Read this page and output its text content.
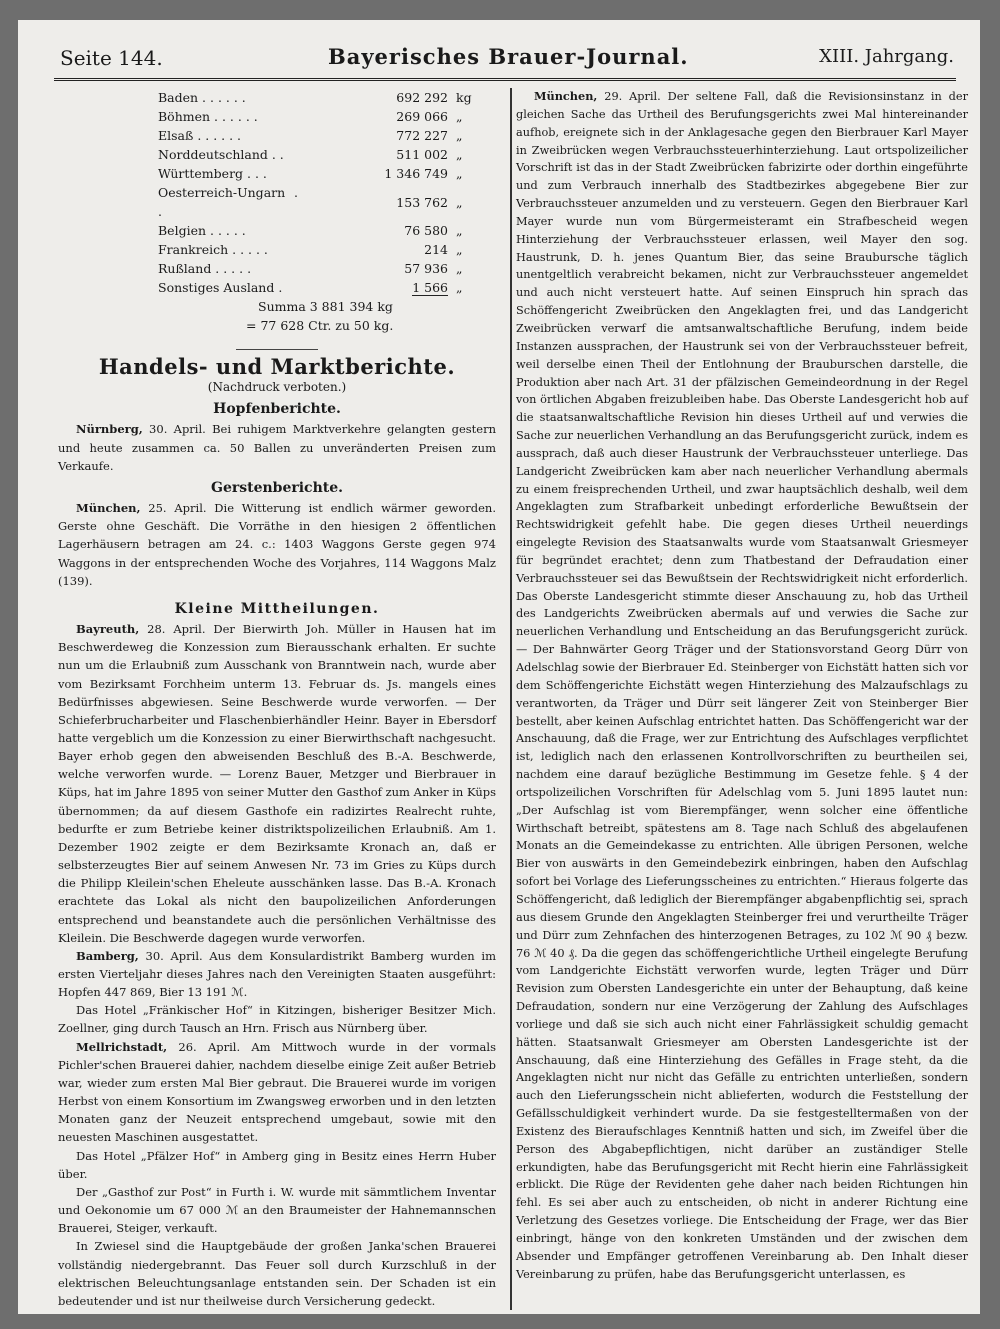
Seite 144.	Bayerisches Brauer-Journal.	XIII. Jahrgang.
Baden . . . . . .	692 292	kg
Böhmen . . . . . .	269 066	„
Elsaß . . . . . .	772 227	„
Norddeutschland . .	511 002	„
Württemberg . . .	1 346 749	„
Oesterreich-Ungarn . .	153 762	„
Belgien . . . . .	76 580	„
Frankreich . . . . .	214	„
Rußland . . . . .	57 936	„
Sonstiges Ausland .	1 566	„
Summa 3 881 394 kg
= 77 628 Ctr. zu 50 kg.
Handels- und Marktberichte.
(Nachdruck verboten.)
Hopfenberichte.

Nürnberg, 30. April. Bei ruhigem Marktverkehre gelangten gestern und heute zusammen ca. 50 Ballen zu unveränderten Preisen zum Verkaufe.

Gerstenberichte.

München, 25. April. Die Witterung ist endlich wärmer geworden. Gerste ohne Geschäft. Die Vorräthe in den hiesigen 2 öffentlichen Lagerhäusern betragen am 24. c.: 1403 Waggons Gerste gegen 974 Waggons in der entsprechenden Woche des Vorjahres, 114 Waggons Malz (139).

Kleine Mittheilungen.

Bayreuth, 28. April. Der Bierwirth Joh. Müller in Hausen hat im Beschwerdeweg die Konzession zum Bierausschank erhalten. Er suchte nun um die Erlaubniß zum Ausschank von Branntwein nach, wurde aber vom Bezirksamt Forchheim unterm 13. Februar ds. Js. mangels eines Bedürfnisses abgewiesen. Seine Beschwerde wurde verworfen. — Der Schieferbrucharbeiter und Flaschenbierhändler Heinr. Bayer in Ebersdorf hatte vergeblich um die Konzession zu einer Bierwirthschaft nachgesucht. Bayer erhob gegen den abweisenden Beschluß des B.-A. Beschwerde, welche verworfen wurde. — Lorenz Bauer, Metzger und Bierbrauer in Küps, hat im Jahre 1895 von seiner Mutter den Gasthof zum Anker in Küps übernommen; da auf diesem Gasthofe ein radizirtes Realrecht ruhte, bedurfte er zum Betriebe keiner distriktspolizeilichen Erlaubniß. Am 1. Dezember 1902 zeigte er dem Bezirksamte Kronach an, daß er selbsterzeugtes Bier auf seinem Anwesen Nr. 73 im Gries zu Küps durch die Philipp Kleilein'schen Eheleute ausschänken lasse. Das B.-A. Kronach erachtete das Lokal als nicht den baupolizeilichen Anforderungen entsprechend und beanstandete auch die persönlichen Verhältnisse des Kleilein. Die Beschwerde dagegen wurde verworfen.

Bamberg, 30. April. Aus dem Konsulardistrikt Bamberg wurden im ersten Vierteljahr dieses Jahres nach den Vereinigten Staaten ausgeführt: Hopfen 447 869, Bier 13 191 ℳ.

Das Hotel „Fränkischer Hof“ in Kitzingen, bisheriger Besitzer Mich. Zoellner, ging durch Tausch an Hrn. Frisch aus Nürnberg über.

Mellrichstadt, 26. April. Am Mittwoch wurde in der vormals Pichler'schen Brauerei dahier, nachdem dieselbe einige Zeit außer Betrieb war, wieder zum ersten Mal Bier gebraut. Die Brauerei wurde im vorigen Herbst von einem Konsortium im Zwangsweg erworben und in den letzten Monaten ganz der Neuzeit entsprechend umgebaut, sowie mit den neuesten Maschinen ausgestattet.

Das Hotel „Pfälzer Hof“ in Amberg ging in Besitz eines Herrn Huber über.

Der „Gasthof zur Post“ in Furth i. W. wurde mit sämmtlichem Inventar und Oekonomie um 67 000 ℳ an den Braumeister der Hahnemannschen Brauerei, Steiger, verkauft.

In Zwiesel sind die Hauptgebäude der großen Janka'schen Brauerei vollständig niedergebrannt. Das Feuer soll durch Kurzschluß in der elektrischen Beleuchtungsanlage entstanden sein. Der Schaden ist ein bedeutender und ist nur theilweise durch Versicherung gedeckt.

München, 29. April. Der seltene Fall, daß die Revisionsinstanz in der gleichen Sache das Urtheil des Berufungsgerichts zwei Mal hintereinander aufhob, ereignete sich in der Anklagesache gegen den Bierbrauer Karl Mayer in Zweibrücken wegen Verbrauchssteuerhinterziehung. Laut ortspolizeilicher Vorschrift ist das in der Stadt Zweibrücken fabrizirte oder dorthin eingeführte und zum Verbrauch innerhalb des Stadtbezirkes abgegebene Bier zur Verbrauchssteuer anzumelden und zu versteuern. Gegen den Bierbrauer Karl Mayer wurde nun vom Bürgermeisteramt ein Strafbescheid wegen Hinterziehung der Verbrauchssteuer erlassen, weil Mayer den sog. Haustrunk, D. h. jenes Quantum Bier, das seine Braubursche täglich unentgeltlich verabreicht bekamen, nicht zur Verbrauchssteuer angemeldet und auch nicht versteuert hatte. Auf seinen Einspruch hin sprach das Schöffengericht Zweibrücken den Angeklagten frei, und das Landgericht Zweibrücken verwarf die amtsanwaltschaftliche Berufung, indem beide Instanzen aussprachen, der Haustrunk sei von der Verbrauchssteuer befreit, weil derselbe einen Theil der Entlohnung der Brauburschen darstelle, die Produktion aber nach Art. 31 der pfälzischen Gemeindeordnung in der Regel von örtlichen Abgaben freizubleiben habe. Das Oberste Landesgericht hob auf die staatsanwaltschaftliche Revision hin dieses Urtheil auf und verwies die Sache zur neuerlichen Verhandlung an das Berufungsgericht zurück, indem es aussprach, daß auch dieser Haustrunk der Verbrauchssteuer unterliege. Das Landgericht Zweibrücken kam aber nach neuerlicher Verhandlung abermals zu einem freisprechenden Urtheil, und zwar hauptsächlich deshalb, weil dem Angeklagten zum Strafbarkeit unbedingt erforderliche Bewußtsein der Rechtswidrigkeit gefehlt habe. Die gegen dieses Urtheil neuerdings eingelegte Revision des Staatsanwalts wurde vom Staatsanwalt Griesmeyer für begründet erachtet; denn zum Thatbestand der Defraudation einer Verbrauchssteuer sei das Bewußtsein der Rechtswidrigkeit nicht erforderlich. Das Oberste Landesgericht stimmte dieser Anschauung zu, hob das Urtheil des Landgerichts Zweibrücken abermals auf und verwies die Sache zur neuerlichen Verhandlung und Entscheidung an das Berufungsgericht zurück. — Der Bahnwärter Georg Träger und der Stationsvorstand Georg Dürr von Adelschlag sowie der Bierbrauer Ed. Steinberger von Eichstätt hatten sich vor dem Schöffengerichte Eichstätt wegen Hinterziehung des Malzaufschlags zu verantworten, da Träger und Dürr seit längerer Zeit von Steinberger Bier bestellt, aber keinen Aufschlag entrichtet hatten. Das Schöffengericht war der Anschauung, daß die Frage, wer zur Entrichtung des Aufschlages verpflichtet ist, lediglich nach den erlassenen Kontrollvorschriften zu beurtheilen sei, nachdem eine darauf bezügliche Bestimmung im Gesetze fehle. § 4 der ortspolizeilichen Vorschriften für Adelschlag vom 5. Juni 1895 lautet nun: „Der Aufschlag ist vom Bierempfänger, wenn solcher eine öffentliche Wirthschaft betreibt, spätestens am 8. Tage nach Schluß des abgelaufenen Monats an die Gemeindekasse zu entrichten. Alle übrigen Personen, welche Bier von auswärts in den Gemeindebezirk einbringen, haben den Aufschlag sofort bei Vorlage des Lieferungsscheines zu entrichten.“ Hieraus folgerte das Schöffengericht, daß lediglich der Bierempfänger abgabenpflichtig sei, sprach aus diesem Grunde den Angeklagten Steinberger frei und verurtheilte Träger und Dürr zum Zehnfachen des hinterzogenen Betrages, zu 102 ℳ 90 ₰ bezw. 76 ℳ 40 ₰. Da die gegen das schöffengerichtliche Urtheil eingelegte Berufung vom Landgerichte Eichstätt verworfen wurde, legten Träger und Dürr Revision zum Obersten Landesgerichte ein unter der Behauptung, daß keine Defraudation, sondern nur eine Verzögerung der Zahlung des Aufschlages vorliege und daß sie sich auch nicht einer Fahrlässigkeit schuldig gemacht hätten. Staatsanwalt Griesmeyer am Obersten Landesgerichte ist der Anschauung, daß eine Hinterziehung des Gefälles in Frage steht, da die Angeklagten nicht nur nicht das Gefälle zu entrichten unterließen, sondern auch den Lieferungsschein nicht ablieferten, wodurch die Feststellung der Gefällsschuldigkeit verhindert wurde. Da sie festgestelltermaßen von der Existenz des Bieraufschlages Kenntniß hatten und sich, im Zweifel über die Person des Abgabepflichtigen, nicht darüber an zuständiger Stelle erkundigten, habe das Berufungsgericht mit Recht hierin eine Fahrlässigkeit erblickt. Die Rüge der Revidenten gehe daher nach beiden Richtungen hin fehl. Es sei aber auch zu entscheiden, ob nicht in anderer Richtung eine Verletzung des Gesetzes vorliege. Die Entscheidung der Frage, wer das Bier einbringt, hänge von den konkreten Umständen und der zwischen dem Absender und Empfänger getroffenen Vereinbarung ab. Den Inhalt dieser Vereinbarung zu prüfen, habe das Berufungsgericht unterlassen, es
